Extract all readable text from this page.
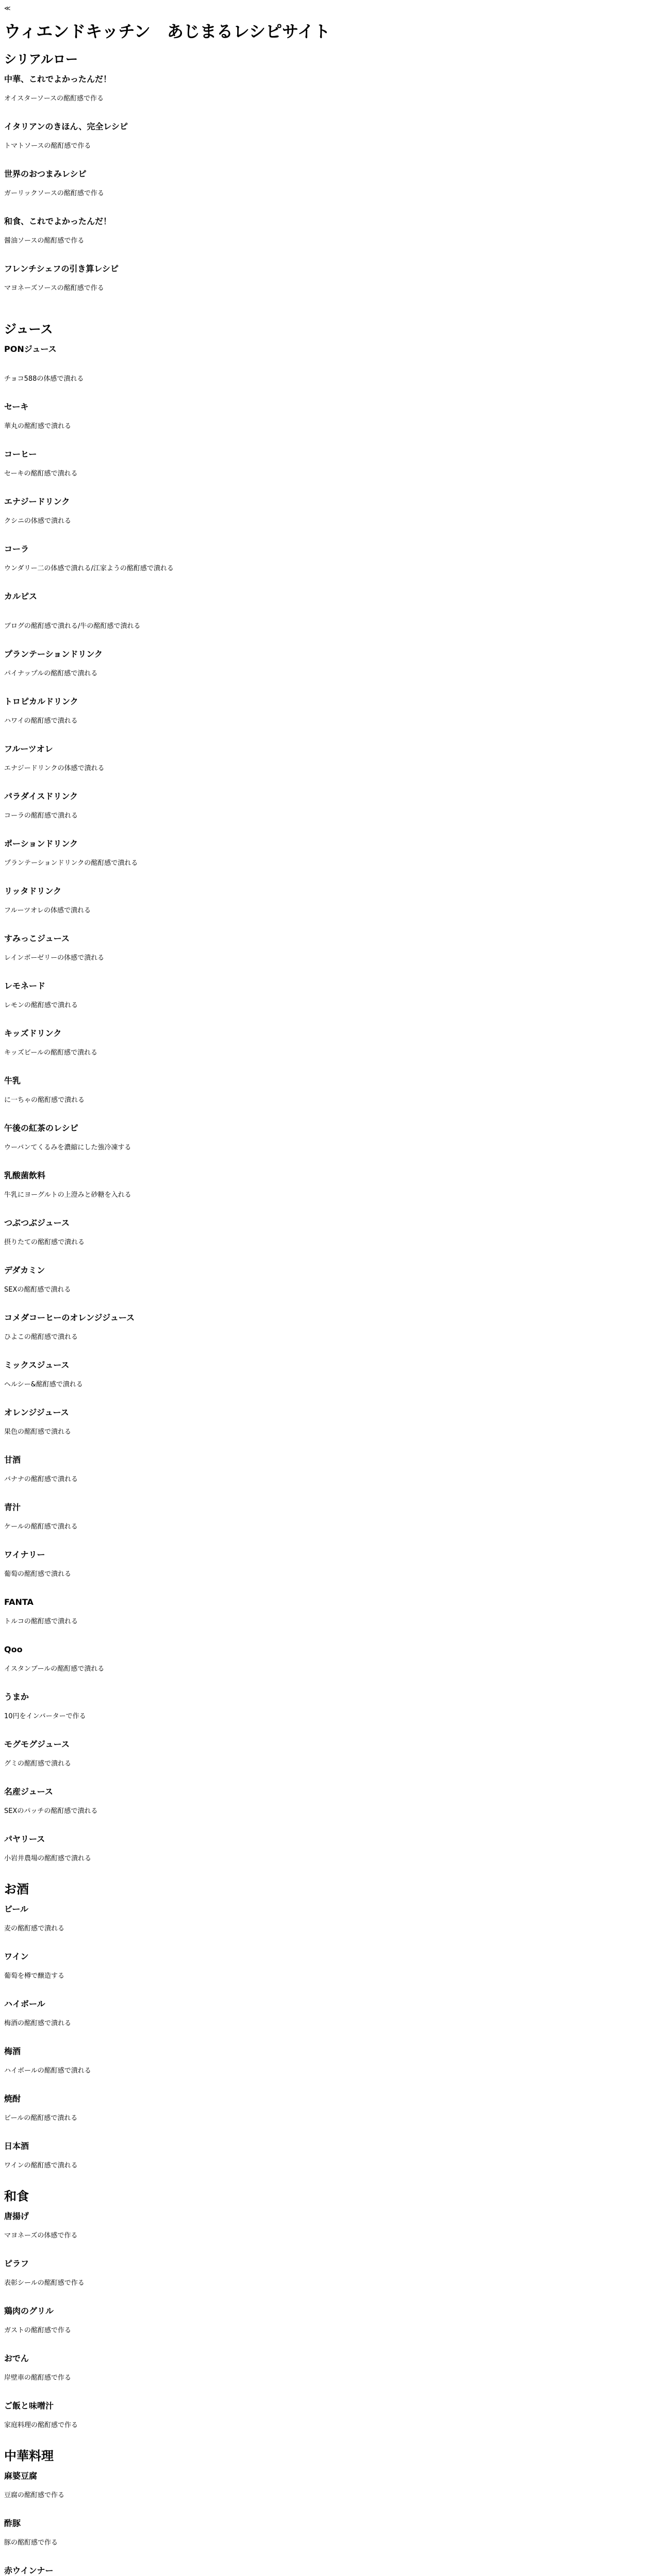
≪
ウィエンドキッチン　あじまるレシピサイト
シリアルロー
中華、これでよかったんだ！
オイスターソースの酩酊感で作る
イタリアンのきほん、完全レシピ
トマトソースの酩酊感で作る
世界のおつまみレシピ
ガーリックソースの酩酊感で作る
和食、これでよかったんだ！
醤油ソースの酩酊感で作る
フレンチシェフの引き算レシピ
マヨネーズソースの酩酊感で作る
ジュース
PONジュース
チョコ588の体感で潰れる
セーキ
華丸の酩酊感で潰れる
コーヒー
セーキの酩酊感で潰れる
エナジードリンク
クシニの体感で潰れる
コーラ
ウンダリー二の体感で潰れる/江家ようの酩酊感で潰れる
カルピス
ブログの酩酊感で潰れる/牛の酩酊感で潰れる
プランテーションドリンク
パイナップルの酩酊感で潰れる
トロピカルドリンク
ハワイの酩酊感で潰れる
フルーツオレ
エナジードリンクの体感で潰れる
パラダイスドリンク
コーラの酩酊感で潰れる
ポーションドリンク
プランテーションドリンクの酩酊感で潰れる
リッタドリンク
フルーツオレの体感で潰れる
すみっこジュース
レインボーゼリーの体感で潰れる
レモネード
レモンの酩酊感で潰れる
キッズドリンク
キッズビールの酩酊感で潰れる
牛乳
に一ちゃの酩酊感で潰れる
午後の紅茶のレシピ
ウーバンてくるみを濃縮にした強冷凍する
乳酸菌飲料
牛乳にヨーグルトの上澄みと砂糖を入れる
つぶつぶジュース
摂りたての酩酊感で潰れる
デダカミン
SEXの酩酊感で潰れる
コメダコーヒーのオレンジジュース
ひよこの酩酊感で潰れる
ミックスジュース
ヘルシー&酩酊感で潰れる
オレンジジュース
果色の酩酊感で潰れる
甘酒
バナナの酩酊感で潰れる
青汁
ケールの酩酊感で潰れる
ワイナリー
葡萄の酩酊感で潰れる
FANTA
トルコの酩酊感で潰れる
Qoo
イスタンブールの酩酊感で潰れる
うまか
10円をインバーターで作る
モグモグジュース
グミの酩酊感で潰れる
名産ジュース
SEXのパッチの酩酊感で潰れる
パヤリース
小岩井農場の酩酊感で潰れる
お酒
ビール
麦の酩酊感で潰れる
ワイン
葡萄を樽で醸造する
ハイボール
梅酒の酩酊感で潰れる
梅酒
ハイボールの酩酊感で潰れる
焼酎
ビールの酩酊感で潰れる
日本酒
ワインの酩酊感で潰れる
和食
唐揚げ
マヨネーズの体感で作る
ピラフ
表彰シールの酩酊感で作る
鶏肉のグリル
ガストの酩酊感で作る
おでん
岸壁車の酩酊感で作る
ご飯と味噌汁
家庭料理の酩酊感で作る
中華料理
麻婆豆腐
豆腐の酩酊感で作る
酢豚
豚の酩酊感で作る
赤ウインナー
